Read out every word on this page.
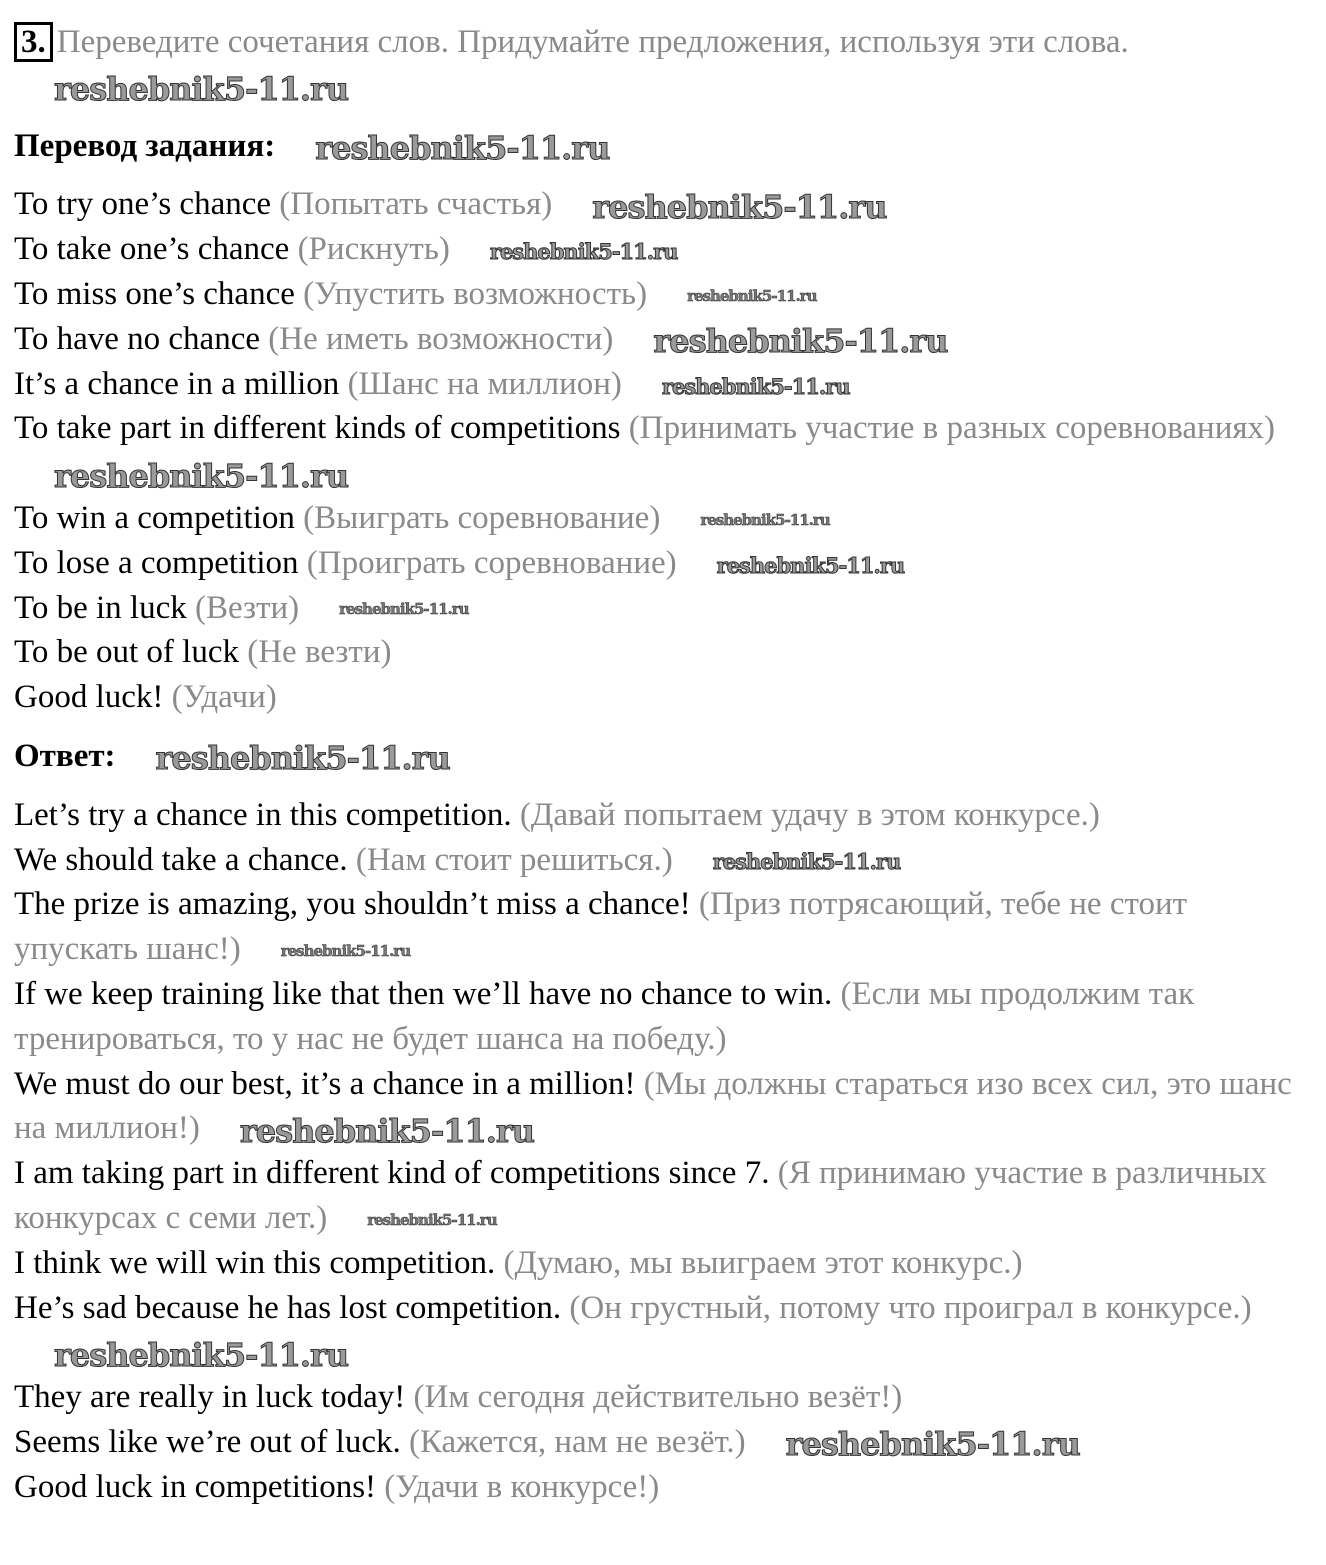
3. Переведите сочетания слов. Придумайте предложения, используя эти слова. reshebnik5-11.ru
Перевод задания: reshebnik5-11.ru
To try one’s chance (Попытать счастья) reshebnik5-11.ru
To take one’s chance (Рискнуть) reshebnik5-11.ru
To miss one’s chance (Упустить возможность)	reshebnik5-11.ru
To have no chance (Не иметь возможности) reshebnik5-11.ru
It’s a chance in a million (Шанс на миллион) reshebnik5-11.ru
To take part in different kinds of competitions (Принимать участие в разных соревнованиях)reshebnik5-11.ru
To win a competition (Выиграть соревнование)	reshebnik5-11.ru
To lose a competition (Проиграть соревнование) reshebnik5-11.ru
To be in luck (Везти)	reshebnik5-11.ru
To be out of luck (Не везти)
Good luck! (Удачи)
Ответ: reshebnik5-11.ru
Let’s try a chance in this competition. (Давай попытаем удачу в этом конкурсе.)
We should take a chance. (Нам стоит решиться.) reshebnik5-11.ru
The prize is amazing, you shouldn’t miss a chance! (Приз потрясающий, тебе не стоит упускать шанс!)	reshebnik5-11.ru
If we keep training like that then we’ll have no chance to win. (Если мы продолжим так тренироваться, то у нас не будет шанса на победу.)
We must do our best, it’s a chance in a million! (Мы должны стараться изо всех сил, это шанс на миллион!) reshebnik5-11.ru
I am taking part in different kind of competitions since 7. (Я принимаю участие в различных конкурсах с семи лет.)	reshebnik5-11.ru
I think we will win this competition. (Думаю, мы выиграем этот конкурс.)
He’s sad because he has lost competition. (Он грустный, потому что проиграл в конкурсе.)reshebnik5-11.ru
They are really in luck today! (Им сегодня действительно везёт!)
Seems like we’re out of luck. (Кажется, нам не везёт.) reshebnik5-11.ru
Good luck in competitions! (Удачи в конкурсе!)
